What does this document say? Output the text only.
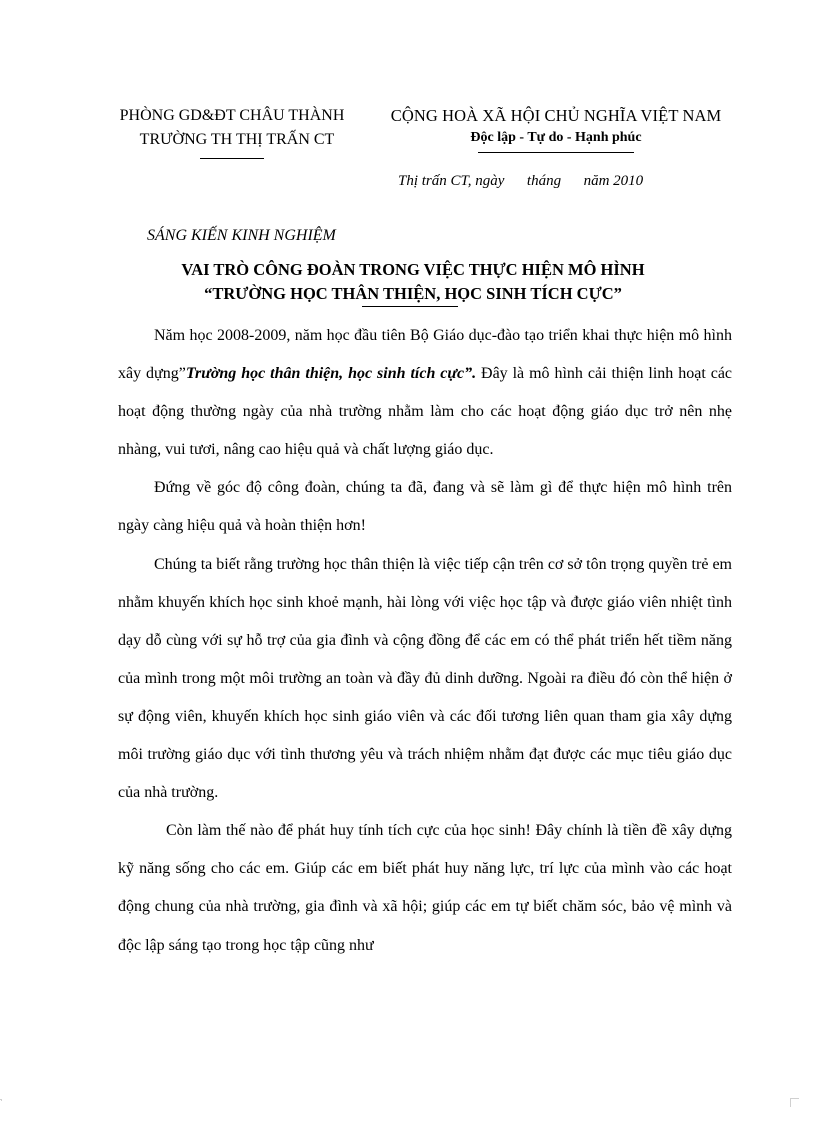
PHÒNG GD&ĐT CHÂU THÀNH
TRƯỜNG TH THỊ TRẤN CT
CỘNG HOÀ XÃ HỘI CHỦ NGHĨA VIỆT NAM
Độc lập - Tự do - Hạnh phúc
Thị trấn CT, ngày      tháng      năm 2010
SÁNG KIẾN KINH NGHIỆM
VAI TRÒ CÔNG ĐOÀN TRONG VIỆC THỰC HIỆN MÔ HÌNH
“TRƯỜNG HỌC THÂN THIỆN, HỌC SINH TÍCH CỰC”

Năm học 2008-2009, năm học đầu tiên Bộ Giáo dục-đào tạo triển khai thực hiện mô hình xây dựng”Trường học thân thiện, học sinh tích cực”. Đây là mô hình cải thiện linh hoạt các hoạt động thường ngày của nhà trường nhằm làm cho các hoạt động giáo dục trở nên nhẹ nhàng, vui tươi, nâng cao hiệu quả và chất lượng giáo dục.

Đứng về góc độ công đoàn, chúng ta đã, đang và sẽ làm gì để thực hiện mô hình trên ngày càng hiệu quả và hoàn thiện hơn!

Chúng ta biết rằng trường học thân thiện là việc tiếp cận trên cơ sở tôn trọng quyền trẻ em nhằm khuyến khích học sinh khoẻ mạnh, hài lòng với việc học tập và được giáo viên nhiệt tình dạy dỗ cùng với sự hỗ trợ của gia đình và cộng đồng để các em có thể phát triển hết tiềm năng của mình trong một môi trường an toàn và đầy đủ dinh dưỡng. Ngoài ra điều đó còn thể hiện ở sự động viên, khuyến khích học sinh giáo viên và các đối tương liên quan tham gia xây dựng môi trường giáo dục với tình thương yêu và trách nhiệm nhằm đạt được các mục tiêu giáo dục của nhà trường.

Còn làm thế nào để phát huy tính tích cực của học sinh! Đây chính là tiền đề xây dựng kỹ năng sống cho các em. Giúp các em biết phát huy năng lực, trí lực của mình vào các hoạt động chung của nhà trường, gia đình và xã hội; giúp các em tự biết chăm sóc, bảo vệ mình và độc lập sáng tạo trong học tập cũng như
